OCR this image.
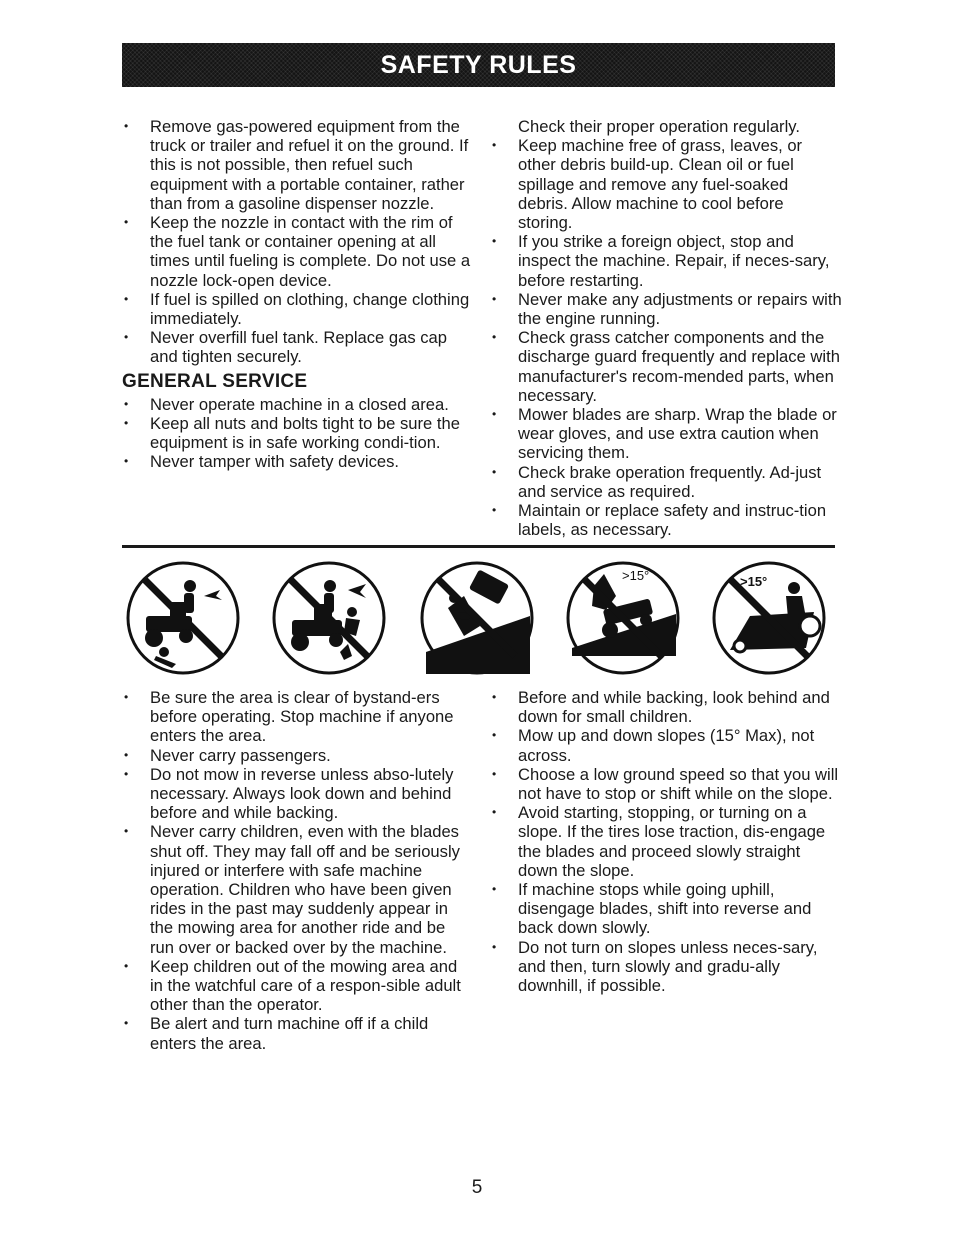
SAFETY RULES
• Remove gas-powered equipment from the truck or trailer and refuel it on the ground. If this is not possible, then refuel such equipment with a portable container, rather than from a gasoline dispenser nozzle.
• Keep the nozzle in contact with the rim of the fuel tank or container opening at all times until fueling is complete. Do not use a nozzle lock-open device.
• If fuel is spilled on clothing, change clothing immediately.
• Never overfill fuel tank. Replace gas cap and tighten securely.
GENERAL SERVICE
• Never operate machine in a closed area.
• Keep all nuts and bolts tight to be sure the equipment is in safe working condi-tion.
• Never tamper with safety devices.
Check their proper operation regularly.
• Keep machine free of grass, leaves, or other debris build-up. Clean oil or fuel spillage and remove any fuel-soaked debris. Allow machine to cool before storing.
• If you strike a foreign object, stop and inspect the machine. Repair, if neces-sary, before restarting.
• Never make any adjustments or repairs with the engine running.
• Check grass catcher components and the discharge guard frequently and replace with manufacturer's recom-mended parts, when necessary.
• Mower blades are sharp. Wrap the blade or wear gloves, and use extra caution when servicing them.
• Check brake operation frequently. Ad-just and service as required.
• Maintain or replace safety and instruc-tion labels, as necessary.
>15°	>15°
• Be sure the area is clear of bystand-ers before operating. Stop machine if anyone enters the area.
• Never carry passengers.
• Do not mow in reverse unless abso-lutely necessary. Always look down and behind before and while backing.
• Never carry children, even with the blades shut off. They may fall off and be seriously injured or interfere with safe machine operation. Children who have been given rides in the past may suddenly appear in the mowing area for another ride and be run over or backed over by the machine.
• Keep children out of the mowing area and in the watchful care of a respon-sible adult other than the operator.
• Be alert and turn machine off if a child enters the area.
• Before and while backing, look behind and down for small children.
• Mow up and down slopes (15° Max), not across.
• Choose a low ground speed so that you will not have to stop or shift while on the slope.
• Avoid starting, stopping, or turning on a slope. If the tires lose traction, dis-engage the blades and proceed slowly straight down the slope.
• If machine stops while going uphill, disengage blades, shift into reverse and back down slowly.
• Do not turn on slopes unless neces-sary, and then, turn slowly and gradu-ally downhill, if possible.
5
